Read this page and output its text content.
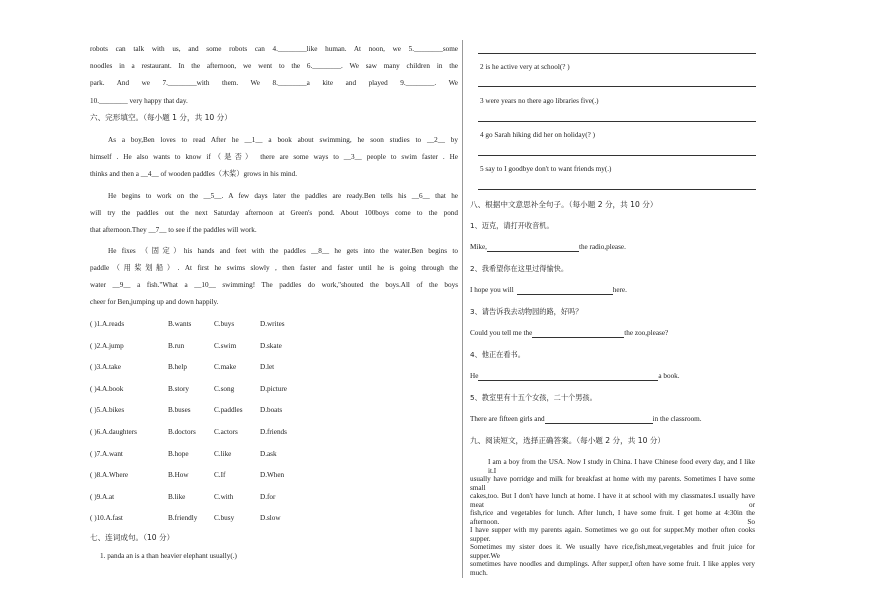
robots can talk with us, and some robots can 4.________like human. At noon, we 5.________some
noodles in a restaurant. In the afternoon, we went to the 6.________. We saw many children in the
park. And we 7.________with them. We 8.________a kite and played 9.________. We
10.________ very happy that day.
六、完形填空。（每小题 1 分，共 10 分）
As a boy,Ben loves to read After he __1__ a book about swimming, he soon studies to __2__ by
himself . He also wants to know if（是否） there are some ways to __3__ people to swim faster . He
thinks and then a __4__ of wooden paddles（木桨）grows in his mind.
He begins to work on the __5__. A few days later the paddles are ready.Ben tells his __6__ that he
will try the paddles out the next Saturday afternoon at Green's pond. About 100boys come to the pond
that afternoon.They __7__ to see if the paddles will work.
He fixes （固定）his hands and feet with the paddles __8__ he gets into the water.Ben begins to
paddle（用桨划船）. At first he swims slowly , then faster and faster until he is going through the
water __9__ a fish."What a __10__ swimming! The paddles do work,"shouted the boys.All of the boys
cheer for Ben,jumping up and down happily.
( )1.A.reads	B.wants	C.buys	D.writes
( )2.A.jump	B.run	C.swim	D.skate
( )3.A.take	B.help	C.make	D.let
( )4.A.book	B.story	C.song	D.picture
( )5.A.bikes	B.buses	C.paddles D.boats
( )6.A.daughters	B.doctors	C.actors	D.friends
( )7.A.want	B.hope	C.like	D.ask
( )8.A.Where	B.How	C.If	D.When
( )9.A.at	B.like	C.with	D.for
( )10.A.fast	B.friendly C.busy	D.slow
七、连词成句。（10 分）
1. panda an is a than heavier elephant usually(.)
2 is he active very at school(? )
3 were years no there ago libraries five(.)
4 go Sarah hiking did her on holiday(? )
5 say to I goodbye don't to want friends my(.)
八、根据中文意思补全句子。（每小题 2 分，共 10 分）
1、迈克，请打开收音机。
Mike,	the radio,please.
2、我希望你在这里过得愉快。
I hope you will	here.
3、请告诉我去动物园的路，好吗？
Could you tell me the	the zoo,please?
4、他正在看书。
He	a book.
5、教室里有十五个女孩，二十个男孩。
There are fifteen girls and	in the classroom.
九、阅读短文，选择正确答案。（每小题 2 分，共 10 分）
I am a boy from the USA. Now I study in China. I have Chinese food every day, and I like it.I
usually have porridge and milk for breakfast at home with my parents. Sometimes I have some small
cakes,too. But I don't have lunch at home. I have it at school with my classmates.I usually have meat or
fish,rice and vegetables for lunch. After lunch, I have some fruit. I get home at 4:30in the afternoon. So
I have supper with my parents again. Sometimes we go out for supper.My mother often cooks supper.
Sometimes my sister does it. We usually have rice,fish,meat,vegetables and fruit juice for supper.We
sometimes have noodles and dumplings. After supper,I often have some fruit. I like apples very much.
